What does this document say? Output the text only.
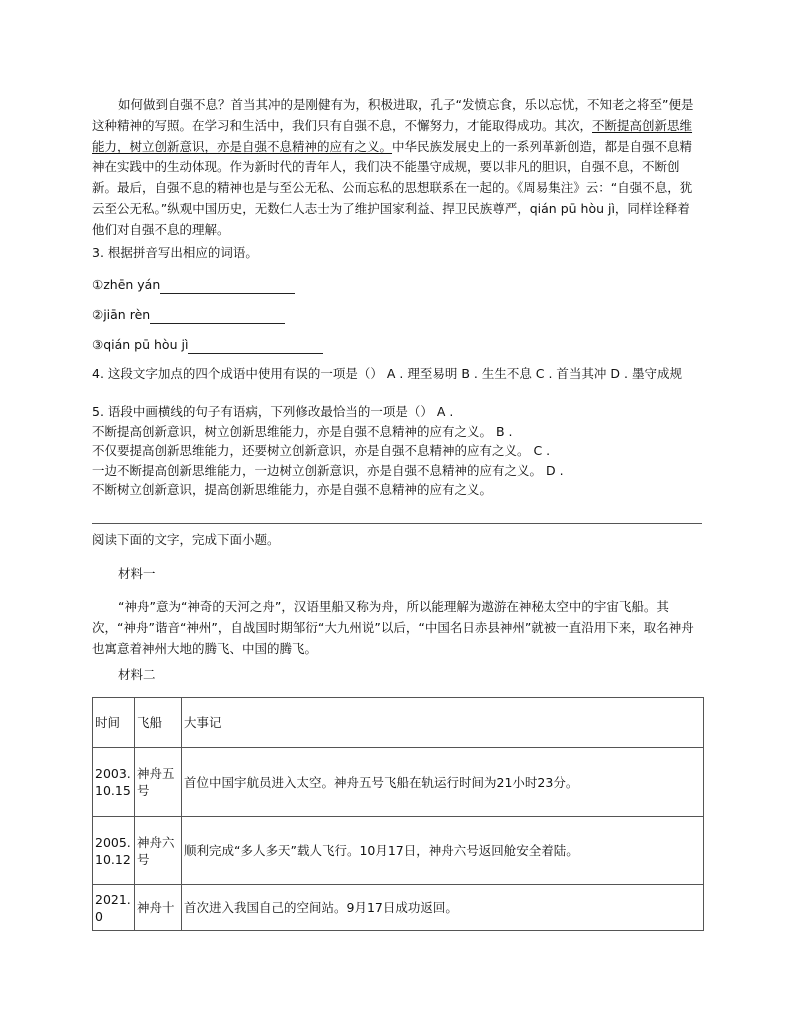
如何做到自强不息？首当其冲的是刚健有为，积极进取，孔子“发愤忘食，乐以忘忧，不知老之将至”便是这种精神的写照。在学习和生活中，我们只有自强不息，不懈努力，才能取得成功。其次，不断提高创新思维能力，树立创新意识，亦是自强不息精神的应有之义。中华民族发展史上的一系列革新创造，都是自强不息精神在实践中的生动体现。作为新时代的青年人，我们决不能墨守成规，要以非凡的胆识，自强不息，不断创新。最后，自强不息的精神也是与至公无私、公而忘私的思想联系在一起的。《周易集注》云：“自强不息，犹云至公无私。”纵观中国历史，无数仁人志士为了维护国家利益、捍卫民族尊严，qián pū hòu jì，同样诠释着他们对自强不息的理解。

3. 根据拼音写出相应的词语。
①zhēn yán
②jiān rèn
③qián pū hòu jì

4. 这段文字加点的四个成语中使用有误的一项是（） A . 理至易明 B . 生生不息 C . 首当其冲 D . 墨守成规

5. 语段中画横线的句子有语病，下列修改最恰当的一项是（） A .

不断提高创新意识，树立创新思维能力，亦是自强不息精神的应有之义。 B .

不仅要提高创新思维能力，还要树立创新意识，亦是自强不息精神的应有之义。 C .

一边不断提高创新思维能力，一边树立创新意识，亦是自强不息精神的应有之义。 D .

不断树立创新意识，提高创新思维能力，亦是自强不息精神的应有之义。

阅读下面的文字，完成下面小题。
材料一

“神舟”意为“神奇的天河之舟”，汉语里船又称为舟，所以能理解为遨游在神秘太空中的宇宙飞船。其次，“神舟”谐音“神州”，自战国时期邹衍“大九州说”以后，“中国名日赤县神州”就被一直沿用下来，取名神舟也寓意着神州大地的腾飞、中国的腾飞。

材料二
时间	飞船	大事记
2003.10.15	神舟五号	首位中国宇航员进入太空。神舟五号飞船在轨运行时间为21小时23分。
2005.10.12	神舟六号	顺利完成“多人多天”载人飞行。10月17日，神舟六号返回舱安全着陆。
2021.0	神舟十	首次进入我国自己的空间站。9月17日成功返回。
